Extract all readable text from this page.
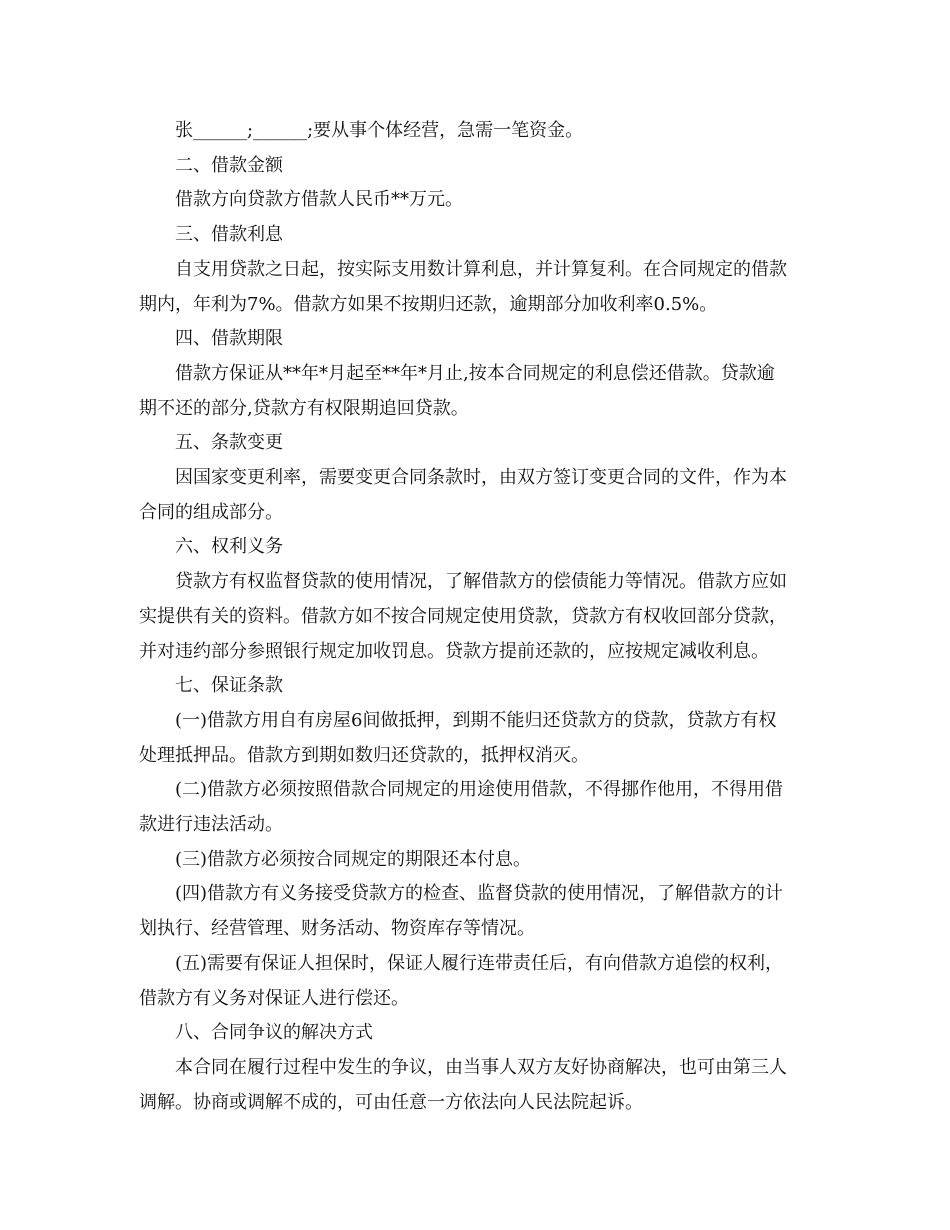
张______;______;要从事个体经营，急需一笔资金。

二、借款金额

借款方向贷款方借款人民币**万元。

三、借款利息

自支用贷款之日起，按实际支用数计算利息，并计算复利。在合同规定的借款

期内，年利为7%。借款方如果不按期归还款，逾期部分加收利率0.5%。

四、借款期限

借款方保证从**年*月起至**年*月止,按本合同规定的利息偿还借款。贷款逾

期不还的部分,贷款方有权限期追回贷款。

五、条款变更

因国家变更利率，需要变更合同条款时，由双方签订变更合同的文件，作为本

合同的组成部分。

六、权利义务

贷款方有权监督贷款的使用情况，了解借款方的偿债能力等情况。借款方应如

实提供有关的资料。借款方如不按合同规定使用贷款，贷款方有权收回部分贷款，

并对违约部分参照银行规定加收罚息。贷款方提前还款的，应按规定减收利息。

七、保证条款

(一)借款方用自有房屋6间做抵押，到期不能归还贷款方的贷款，贷款方有权

处理抵押品。借款方到期如数归还贷款的，抵押权消灭。

(二)借款方必须按照借款合同规定的用途使用借款，不得挪作他用，不得用借

款进行违法活动。

(三)借款方必须按合同规定的期限还本付息。

(四)借款方有义务接受贷款方的检查、监督贷款的使用情况，了解借款方的计

划执行、经营管理、财务活动、物资库存等情况。

(五)需要有保证人担保时，保证人履行连带责任后，有向借款方追偿的权利，

借款方有义务对保证人进行偿还。

八、合同争议的解决方式

本合同在履行过程中发生的争议，由当事人双方友好协商解决，也可由第三人

调解。协商或调解不成的，可由任意一方依法向人民法院起诉。
